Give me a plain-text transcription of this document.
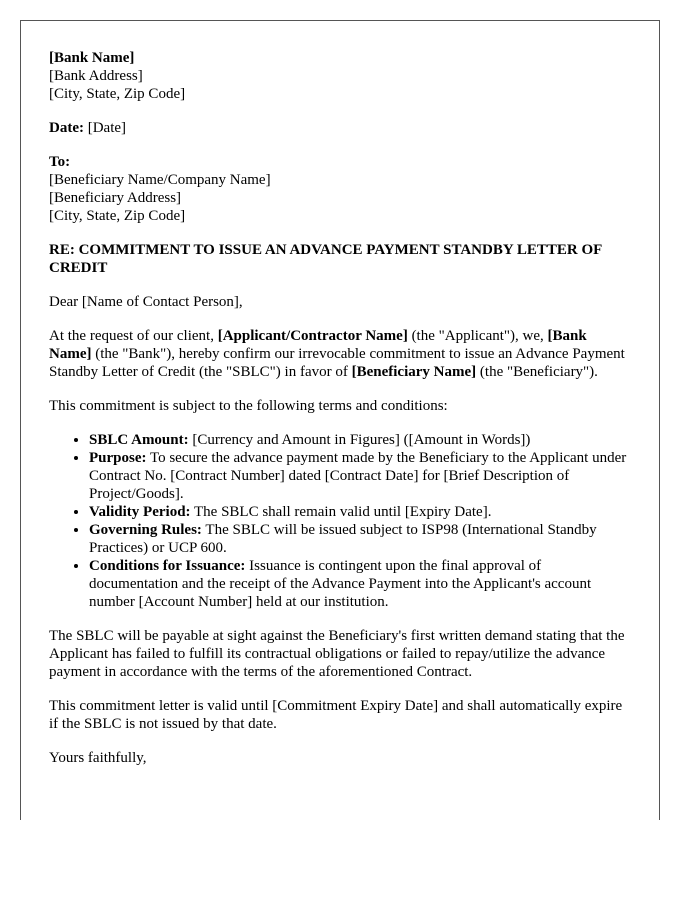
[Bank Name]
[Bank Address]
[City, State, Zip Code]

Date: [Date]

To:
[Beneficiary Name/Company Name]
[Beneficiary Address]
[City, State, Zip Code]

RE: COMMITMENT TO ISSUE AN ADVANCE PAYMENT STANDBY LETTER OF CREDIT

Dear [Name of Contact Person],

At the request of our client, [Applicant/Contractor Name] (the "Applicant"), we, [Bank Name] (the "Bank"), hereby confirm our irrevocable commitment to issue an Advance Payment Standby Letter of Credit (the "SBLC") in favor of [Beneficiary Name] (the "Beneficiary").

This commitment is subject to the following terms and conditions:

• SBLC Amount: [Currency and Amount in Figures] ([Amount in Words])
• Purpose: To secure the advance payment made by the Beneficiary to the Applicant under Contract No. [Contract Number] dated [Contract Date] for [Brief Description of Project/Goods].
• Validity Period: The SBLC shall remain valid until [Expiry Date].
• Governing Rules: The SBLC will be issued subject to ISP98 (International Standby Practices) or UCP 600.
• Conditions for Issuance: Issuance is contingent upon the final approval of documentation and the receipt of the Advance Payment into the Applicant's account number [Account Number] held at our institution.

The SBLC will be payable at sight against the Beneficiary's first written demand stating that the Applicant has failed to fulfill its contractual obligations or failed to repay/utilize the advance payment in accordance with the terms of the aforementioned Contract.

This commitment letter is valid until [Commitment Expiry Date] and shall automatically expire if the SBLC is not issued by that date.

Yours faithfully,
